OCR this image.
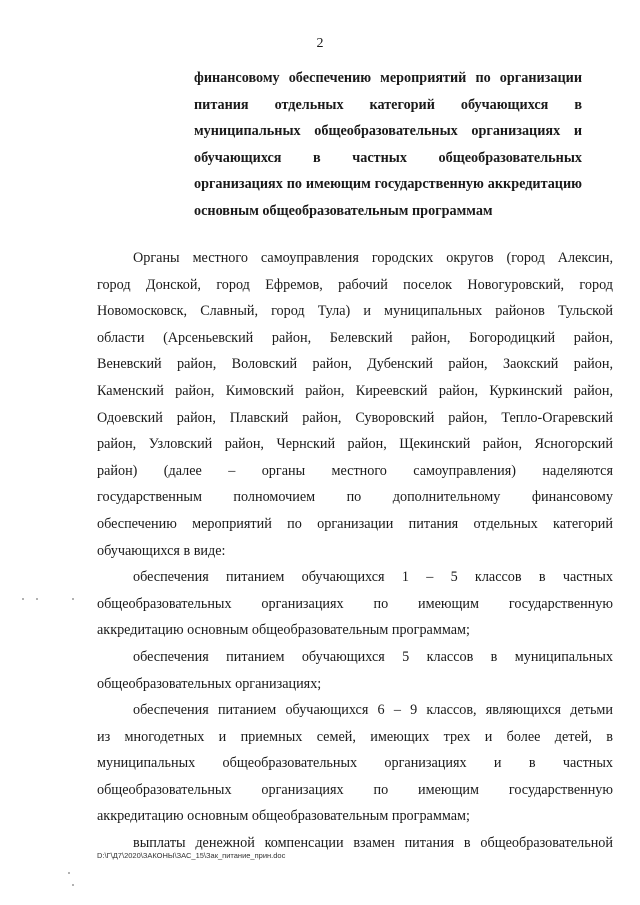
2
финансовому обеспечению мероприятий по организации
питания отдельных категорий обучающихся в
муниципальных общеобразовательных организациях и
обучающихся в частных общеобразовательных
организациях по имеющим государственную аккредитацию
основным общеобразовательным программам
Органы местного самоуправления городских округов (город Алексин,
город Донской, город Ефремов, рабочий поселок Новогуровский, город
Новомосковск, Славный, город Тула) и муниципальных районов Тульской
области (Арсеньевский район, Белевский район, Богородицкий район,
Веневский район, Воловский район, Дубенский район, Заокский район,
Каменский район, Кимовский район, Киреевский район, Куркинский район,
Одоевский район, Плавский район, Суворовский район, Тепло-Огаревский
район, Узловский район, Чернский район, Щекинский район, Ясногорский
район) (далее – органы местного самоуправления) наделяются
государственным полномочием по дополнительному финансовому
обеспечению мероприятий по организации питания отдельных категорий
обучающихся в виде:
обеспечения питанием обучающихся 1 – 5 классов в частных
общеобразовательных организациях по имеющим государственную
аккредитацию основным общеобразовательным программам;
обеспечения питанием обучающихся 5 классов в муниципальных
общеобразовательных организациях;
обеспечения питанием обучающихся 6 – 9 классов, являющихся детьми
из многодетных и приемных семей, имеющих трех и более детей, в
муниципальных общеобразовательных организациях и в частных
общеобразовательных организациях по имеющим государственную
аккредитацию основным общеобразовательным программам;
выплаты денежной компенсации взамен питания в общеобразовательной
D:\Г\Д7\2020\ЗАКОНЫ\ЗАС_15\Зак_питание_прин.doc
